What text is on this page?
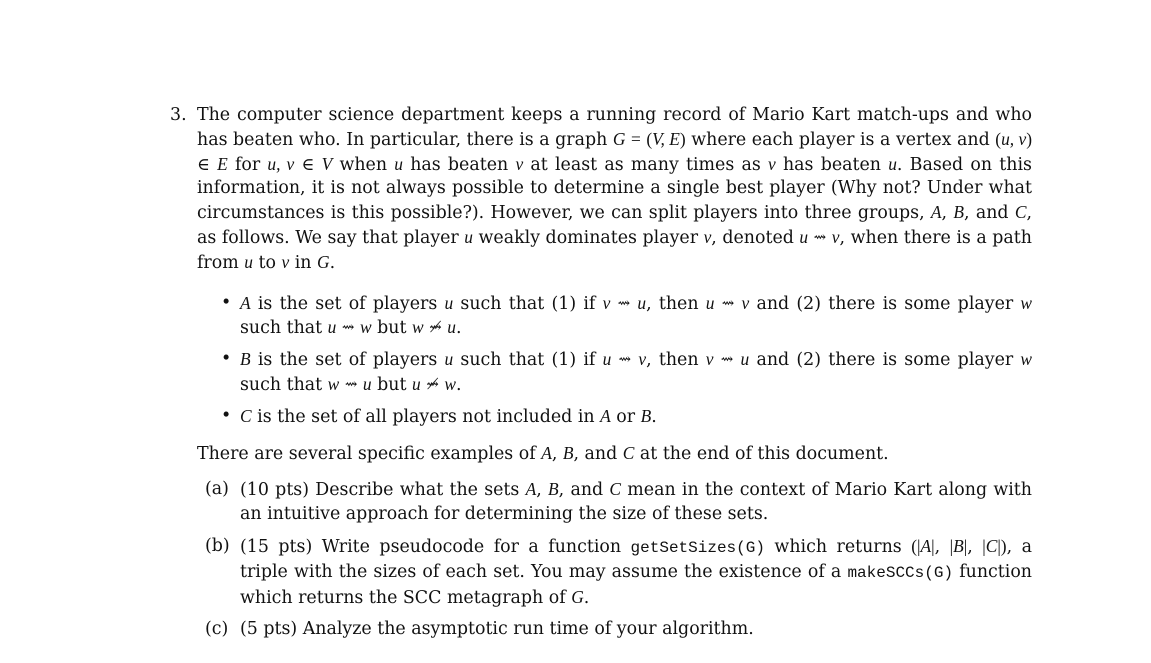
3. The computer science department keeps a running record of Mario Kart match-ups and who has beaten who. In particular, there is a graph G = (V, E) where each player is a vertex and (u, v) ∈ E for u, v ∈ V when u has beaten v at least as many times as v has beaten u. Based on this information, it is not always possible to determine a single best player (Why not? Under what circumstances is this possible?). However, we can split players into three groups, A, B, and C, as follows. We say that player u weakly dominates player v, denoted u ⇝ v, when there is a path from u to v in G.
• A is the set of players u such that (1) if v ⇝ u, then u ⇝ v and (2) there is some player w such that u ⇝ w but w ⇝̸ u.
• B is the set of players u such that (1) if u ⇝ v, then v ⇝ u and (2) there is some player w such that w ⇝ u but u ⇝̸ w.
• C is the set of all players not included in A or B.
There are several specific examples of A, B, and C at the end of this document.
(a) (10 pts) Describe what the sets A, B, and C mean in the context of Mario Kart along with an intuitive approach for determining the size of these sets.
(b) (15 pts) Write pseudocode for a function getSetSizes(G) which returns (|A|, |B|, |C|), a triple with the sizes of each set. You may assume the existence of a makeSCCs(G) function which returns the SCC metagraph of G.
(c) (5 pts) Analyze the asymptotic run time of your algorithm.
